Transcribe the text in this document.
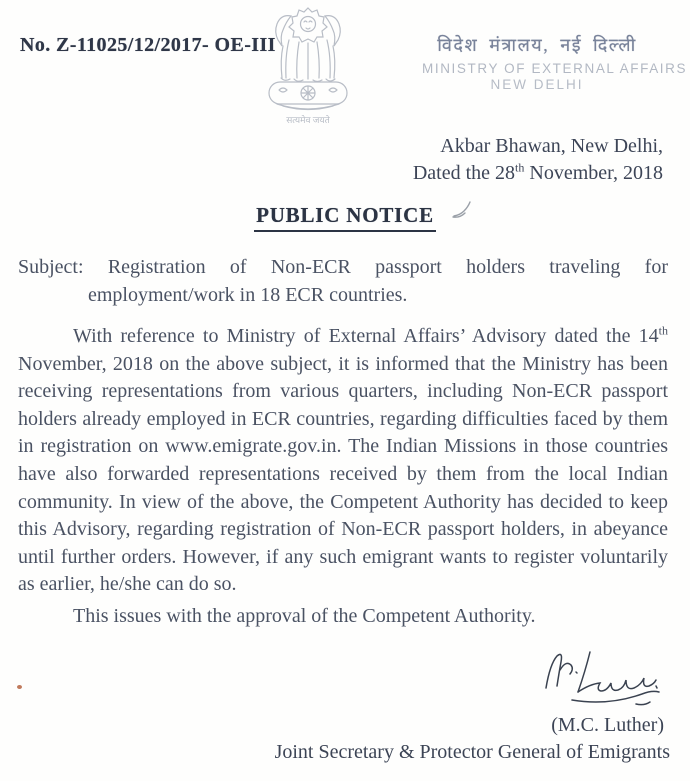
No. Z-11025/12/2017- OE-III
सत्यमेव जयते
विदेश मंत्रालय, नई दिल्ली
MINISTRY OF EXTERNAL AFFAIRS
NEW DELHI
Akbar Bhawan, New Delhi,
Dated the 28th November, 2018
PUBLIC NOTICE
Subject: Registration of Non-ECR passport holders traveling for
employment/work in 18 ECR countries.

With reference to Ministry of External Affairs’ Advisory dated the 14th November, 2018 on the above subject, it is informed that the Ministry has been receiving representations from various quarters, including Non-ECR passport holders already employed in ECR countries, regarding difficulties faced by them in registration on www.emigrate.gov.in. The Indian Missions in those countries have also forwarded representations received by them from the local Indian community. In view of the above, the Competent Authority has decided to keep this Advisory, regarding registration of Non-ECR passport holders, in abeyance until further orders. However, if any such emigrant wants to register voluntarily as earlier, he/she can do so.

This issues with the approval of the Competent Authority.

(M.C. Luther)
Joint Secretary & Protector General of Emigrants
